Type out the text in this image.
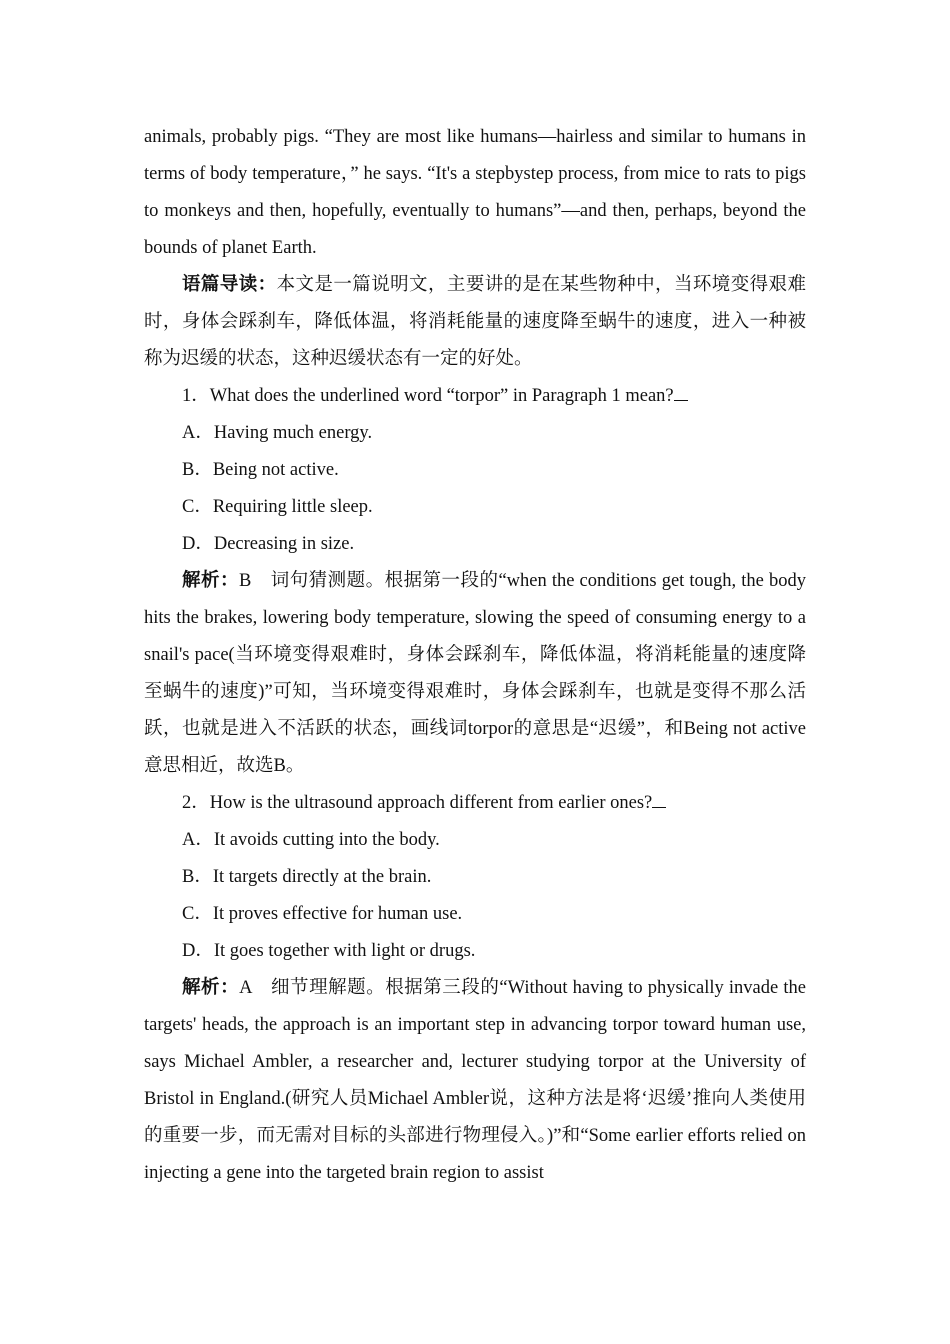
animals, probably pigs. “They are most like humans—hairless and similar to humans in terms of body temperature，” he says. “It's a stepbystep process, from mice to rats to pigs to monkeys and then, hopefully, eventually to humans”—and then, perhaps, beyond the bounds of planet Earth.

语篇导读：本文是一篇说明文，主要讲的是在某些物种中，当环境变得艰难时，身体会踩刹车，降低体温，将消耗能量的速度降至蜗牛的速度，进入一种被称为迟缓的状态，这种迟缓状态有一定的好处。

1．What does the underlined word “torpor” in Paragraph 1 mean?

A．Having much energy.

B．Being not active.

C．Requiring little sleep.

D．Decreasing in size.

解析：B　词句猜测题。根据第一段的“when the conditions get tough, the body hits the brakes, lowering body temperature, slowing the speed of consuming energy to a snail's pace(当环境变得艰难时，身体会踩刹车，降低体温，将消耗能量的速度降至蜗牛的速度)”可知，当环境变得艰难时，身体会踩刹车，也就是变得不那么活跃，也就是进入不活跃的状态，画线词torpor的意思是“迟缓”，和Being not active意思相近，故选B。

2．How is the ultrasound approach different from earlier ones?

A．It avoids cutting into the body.

B．It targets directly at the brain.

C．It proves effective for human use.

D．It goes together with light or drugs.

解析：A　细节理解题。根据第三段的“Without having to physically invade the targets' heads, the approach is an important step in advancing torpor toward human use, says Michael Ambler, a researcher and, lecturer studying torpor at the University of Bristol in England.(研究人员Michael Ambler说，这种方法是将‘迟缓’推向人类使用的重要一步，而无需对目标的头部进行物理侵入。)”和“Some earlier efforts relied on injecting a gene into the targeted brain region to assist
